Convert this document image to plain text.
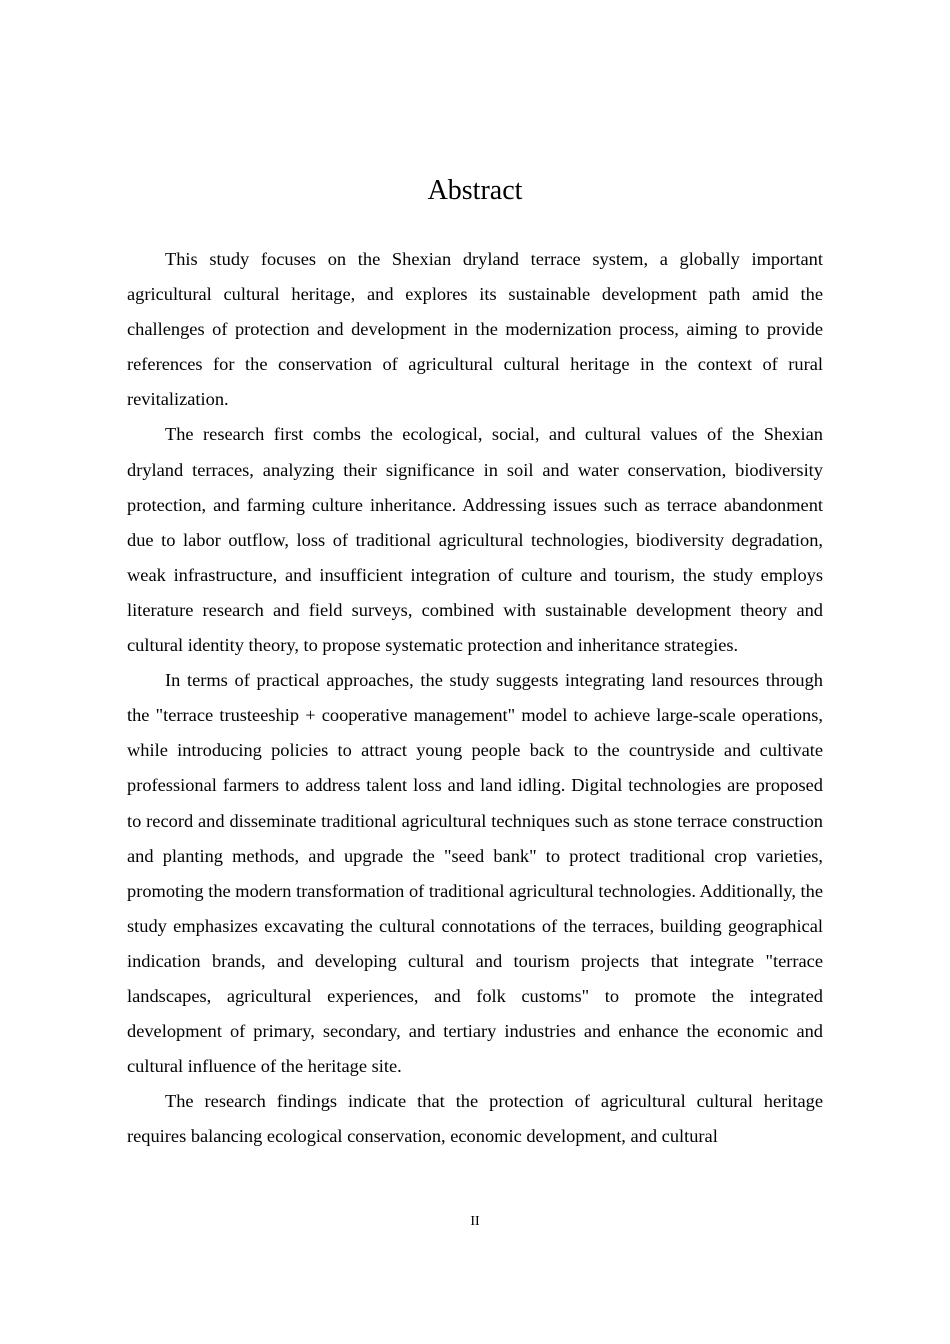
Abstract

This study focuses on the Shexian dryland terrace system, a globally important agricultural cultural heritage, and explores its sustainable development path amid the challenges of protection and development in the modernization process, aiming to provide references for the conservation of agricultural cultural heritage in the context of rural revitalization.

The research first combs the ecological, social, and cultural values of the Shexian dryland terraces, analyzing their significance in soil and water conservation, biodiversity protection, and farming culture inheritance. Addressing issues such as terrace abandonment due to labor outflow, loss of traditional agricultural technologies, biodiversity degradation, weak infrastructure, and insufficient integration of culture and tourism, the study employs literature research and field surveys, combined with sustainable development theory and cultural identity theory, to propose systematic protection and inheritance strategies.

In terms of practical approaches, the study suggests integrating land resources through the "terrace trusteeship + cooperative management" model to achieve large-scale operations, while introducing policies to attract young people back to the countryside and cultivate professional farmers to address talent loss and land idling. Digital technologies are proposed to record and disseminate traditional agricultural techniques such as stone terrace construction and planting methods, and upgrade the "seed bank" to protect traditional crop varieties, promoting the modern transformation of traditional agricultural technologies. Additionally, the study emphasizes excavating the cultural connotations of the terraces, building geographical indication brands, and developing cultural and tourism projects that integrate "terrace landscapes, agricultural experiences, and folk customs" to promote the integrated development of primary, secondary, and tertiary industries and enhance the economic and cultural influence of the heritage site.

The research findings indicate that the protection of agricultural cultural heritage requires balancing ecological conservation, economic development, and cultural

II
